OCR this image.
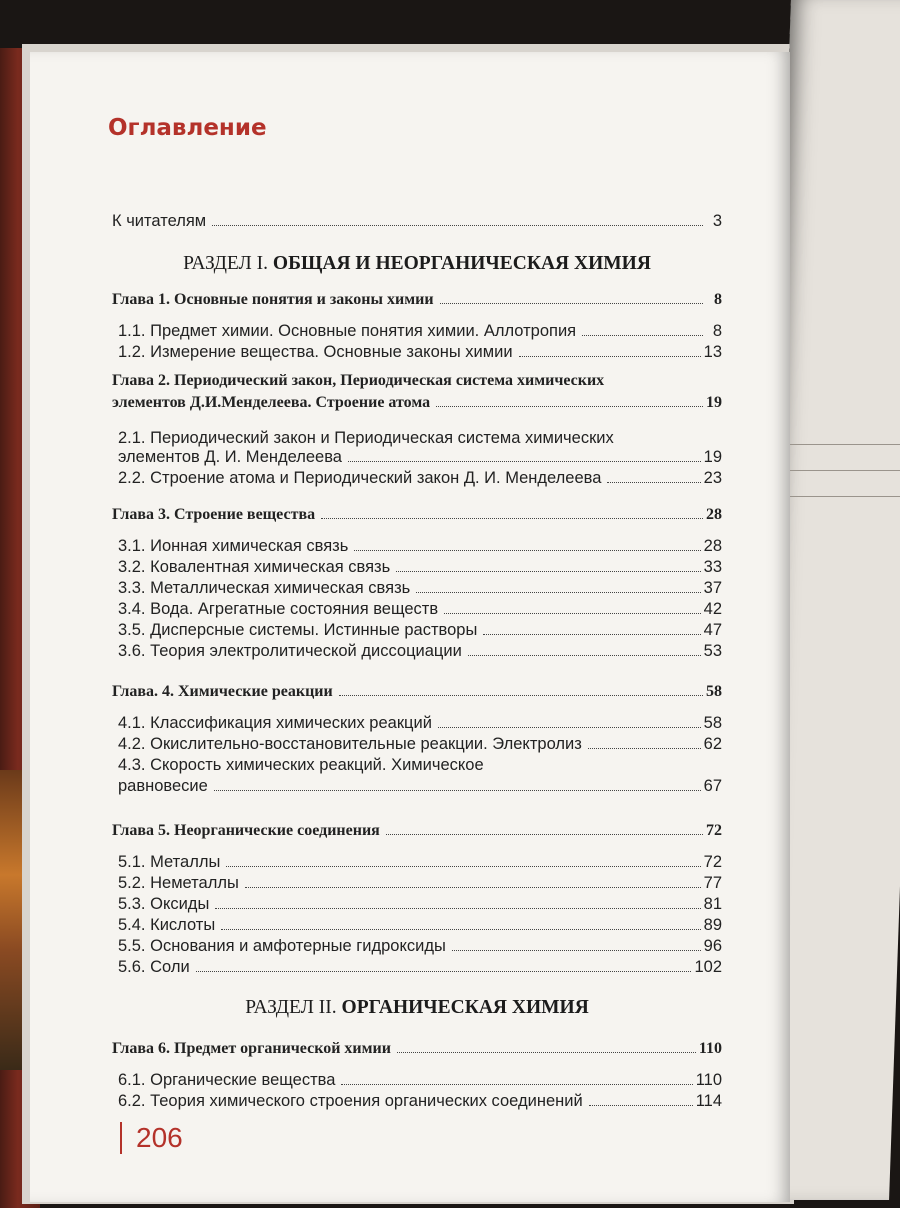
Оглавление
К читателям	3
РАЗДЕЛ I. ОБЩАЯ И НЕОРГАНИЧЕСКАЯ ХИМИЯ
Глава 1. Основные понятия и законы химии	8
1.1. Предмет химии. Основные понятия химии. Аллотропия	8
1.2. Измерение вещества. Основные законы химии	13
Глава 2. Периодический закон, Периодическая система химических
элементов Д.И.Менделеева. Строение атома	19
2.1. Периодический закон и Периодическая система химических
элементов Д. И. Менделеева	19
2.2. Строение атома и Периодический закон Д. И. Менделеева	23
Глава 3. Строение вещества	28
3.1. Ионная химическая связь	28
3.2. Ковалентная химическая связь	33
3.3. Металлическая химическая связь	37
3.4. Вода. Агрегатные состояния веществ	42
3.5. Дисперсные системы. Истинные растворы	47
3.6. Теория электролитической диссоциации	53
Глава. 4. Химические реакции	58
4.1. Классификация химических реакций	58
4.2. Окислительно-восстановительные реакции. Электролиз	62
4.3. Скорость химических реакций. Химическое
равновесие	67
Глава 5. Неорганические соединения	72
5.1. Металлы	72
5.2. Неметаллы	77
5.3. Оксиды	81
5.4. Кислоты	89
5.5. Основания и амфотерные гидроксиды	96
5.6. Соли	102
РАЗДЕЛ II. ОРГАНИЧЕСКАЯ ХИМИЯ
Глава 6. Предмет органической химии	110
6.1. Органические вещества	110
6.2. Теория химического строения органических соединений	114
206
